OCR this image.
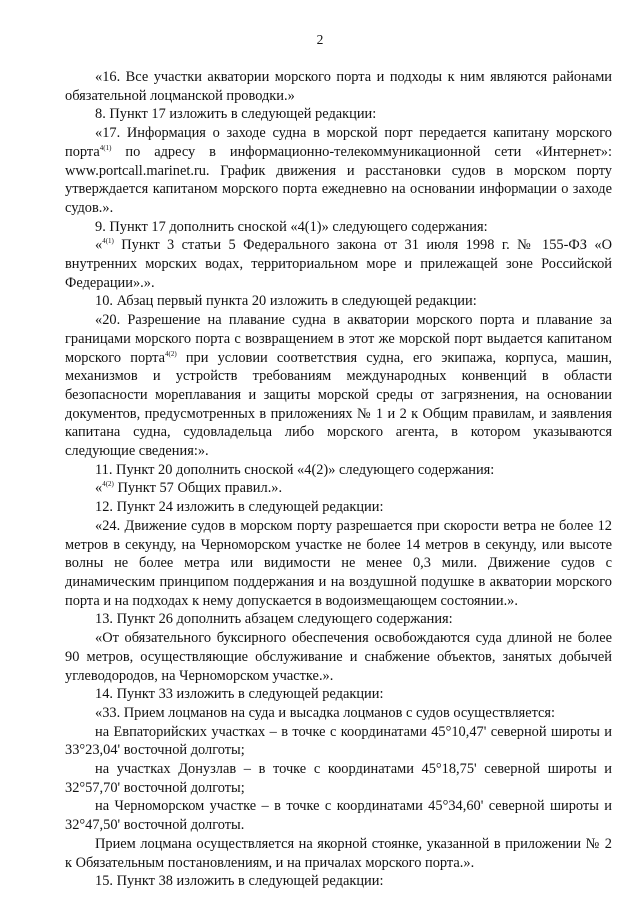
2

«16. Все участки акватории морского порта и подходы к ним являются районами обязательной лоцманской проводки.»

8. Пункт 17 изложить в следующей редакции:

«17. Информация о заходе судна в морской порт передается капитану морского порта$^{4(1)}$ по адресу в информационно-телекоммуникационной сети «Интернет»: www.portcall.marinet.ru. График движения и расстановки судов в морском порту утверждается капитаном морского порта ежедневно на основании информации о заходе судов.».

9. Пункт 17 дополнить сноской «4(1)» следующего содержания:

«$^{4(1)}$ Пункт 3 статьи 5 Федерального закона от 31 июля 1998 г. № 155-ФЗ «О внутренних морских водах, территориальном море и прилежащей зоне Российской Федерации».».

10. Абзац первый пункта 20 изложить в следующей редакции:

«20. Разрешение на плавание судна в акватории морского порта и плавание за границами морского порта с возвращением в этот же морской порт выдается капитаном морского порта$^{4(2)}$ при условии соответствия судна, его экипажа, корпуса, машин, механизмов и устройств требованиям международных конвенций в области безопасности мореплавания и защиты морской среды от загрязнения, на основании документов, предусмотренных в приложениях № 1 и 2 к Общим правилам, и заявления капитана судна, судовладельца либо морского агента, в котором указываются следующие сведения:».

11. Пункт 20 дополнить сноской «4(2)» следующего содержания:

«$^{4(2)}$ Пункт 57 Общих правил.».

12. Пункт 24 изложить в следующей редакции:

«24. Движение судов в морском порту разрешается при скорости ветра не более 12 метров в секунду, на Черноморском участке не более 14 метров в секунду, или высоте волны не более метра или видимости не менее 0,3 мили. Движение судов с динамическим принципом поддержания и на воздушной подушке в акватории морского порта и на подходах к нему допускается в водоизмещающем состоянии.».

13. Пункт 26 дополнить абзацем следующего содержания:

«От обязательного буксирного обеспечения освобождаются суда длиной не более 90 метров, осуществляющие обслуживание и снабжение объектов, занятых добычей углеводородов, на Черноморском участке.».

14. Пункт 33 изложить в следующей редакции:

«33. Прием лоцманов на суда и высадка лоцманов с судов осуществляется:

на Евпаторийских участках – в точке с координатами 45°10,47' северной широты и 33°23,04' восточной долготы;

на участках Донузлав – в точке с координатами 45°18,75' северной широты и 32°57,70' восточной долготы;

на Черноморском участке – в точке с координатами 45°34,60' северной широты и 32°47,50' восточной долготы.

Прием лоцмана осуществляется на якорной стоянке, указанной в приложении № 2 к Обязательным постановлениям, и на причалах морского порта.».

15. Пункт 38 изложить в следующей редакции:
